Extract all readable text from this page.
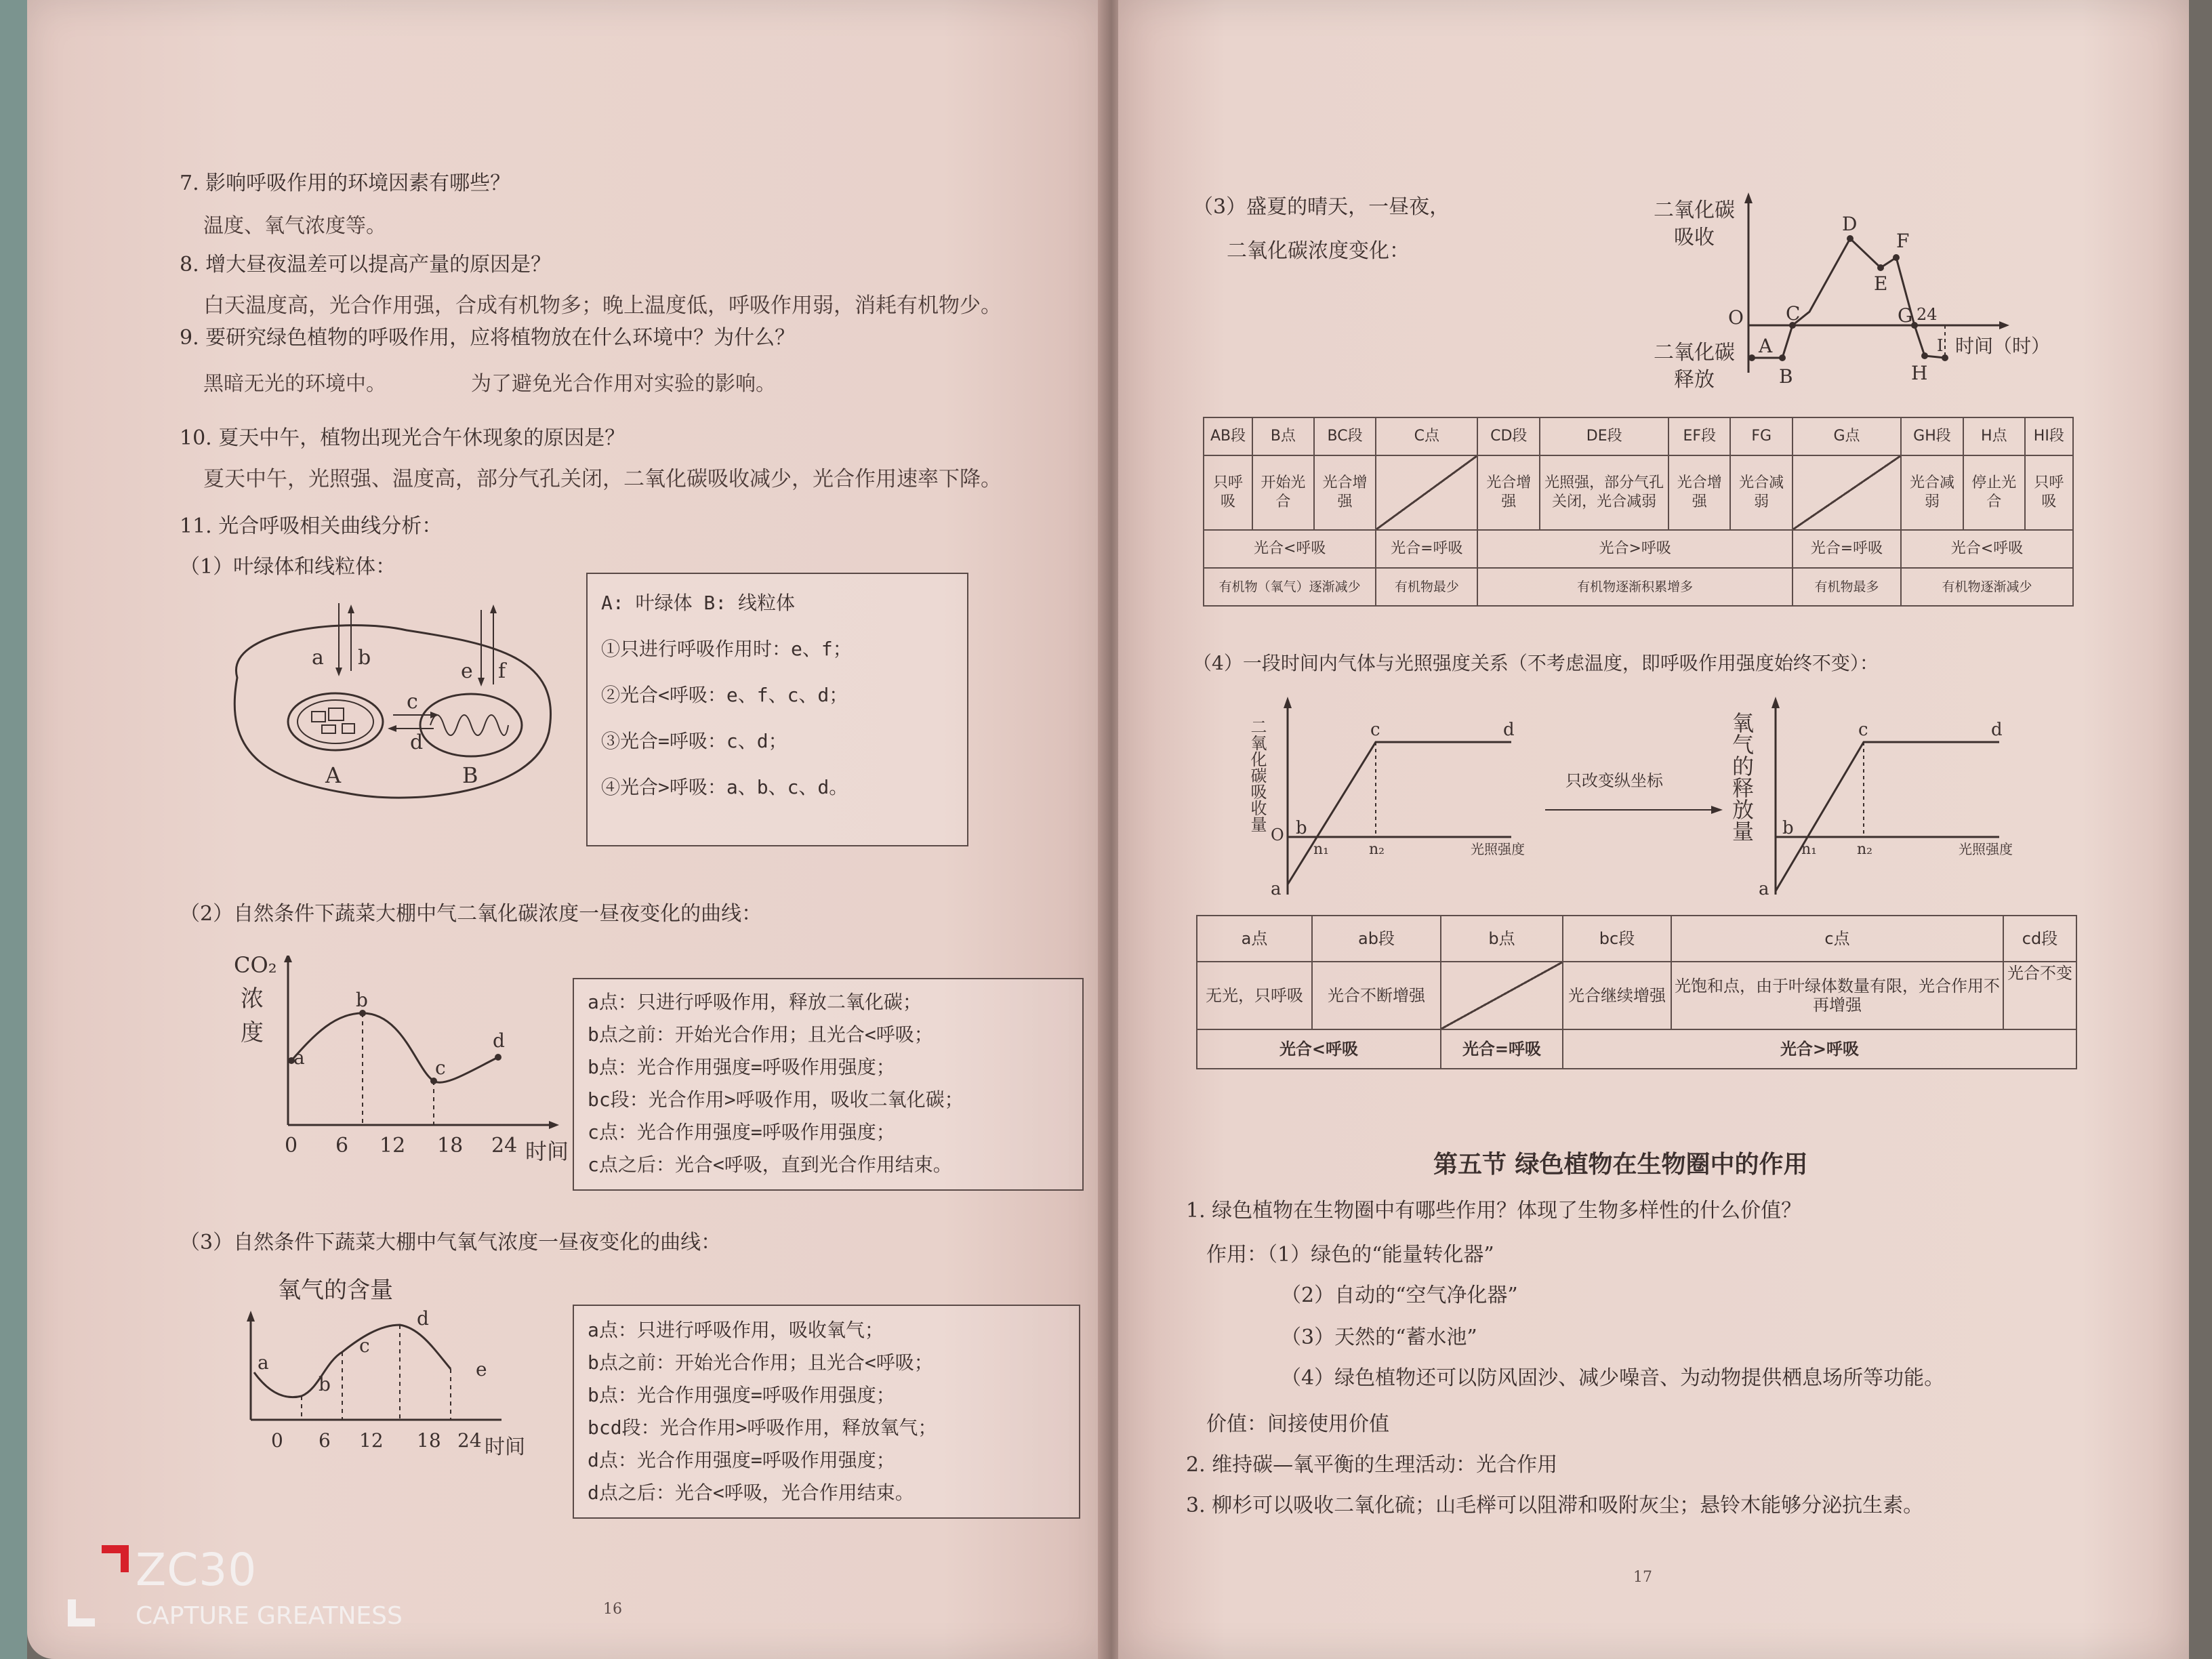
7. 影响呼吸作用的环境因素有哪些？
温度、氧气浓度等。
8. 增大昼夜温差可以提高产量的原因是？
白天温度高，光合作用强，合成有机物多；晚上温度低，呼吸作用弱，消耗有机物少。
9. 要研究绿色植物的呼吸作用，应将植物放在什么环境中？为什么？
黑暗无光的环境中。	为了避免光合作用对实验的影响。
10. 夏天中午，植物出现光合午休现象的原因是？
夏天中午，光照强、温度高，部分气孔关闭，二氧化碳吸收减少，光合作用速率下降。
11. 光合呼吸相关曲线分析：
（1）叶绿体和线粒体：
a b
c
d
e f
A	B
A: 叶绿体 B: 线粒体
①只进行呼吸作用时：e、f；
②光合<呼吸：e、f、c、d；
③光合=呼吸：c、d；
④光合>呼吸：a、b、c、d。
（2）自然条件下蔬菜大棚中气二氧化碳浓度一昼夜变化的曲线：
CO₂
浓
度
a
b
c
d
0 6 12 18 24 时间
a点：只进行呼吸作用，释放二氧化碳；
b点之前：开始光合作用；且光合<呼吸；
b点：光合作用强度=呼吸作用强度；
bc段：光合作用>呼吸作用，吸收二氧化碳；
c点：光合作用强度=呼吸作用强度；
c点之后：光合<呼吸，直到光合作用结束。
（3）自然条件下蔬菜大棚中气氧气浓度一昼夜变化的曲线：
氧气的含量
a
b
c
d
e
0 6 12 18 24 时间
a点：只进行呼吸作用，吸收氧气；
b点之前：开始光合作用；且光合<呼吸；
b点：光合作用强度=呼吸作用强度；
bcd段：光合作用>呼吸作用，释放氧气；
d点：光合作用强度=呼吸作用强度；
d点之后：光合<呼吸，光合作用结束。
16
（3）盛夏的晴天，一昼夜，
二氧化碳浓度变化：
二氧化碳
吸收
二氧化碳
释放
O
A
B
C
D
E
F
G 24
I
H
时间（时）
AB段	B点	BC段	C点	CD段	DE段	EF段	FG	G点	GH段	H点	HI段
只呼吸	开始光合	光合增强		光合增强	光照强，部分气孔关闭，光合减弱	光合增强	光合减弱		光合减弱	停止光合	只呼吸
光合<呼吸			光合=呼吸	光合>呼吸				光合=呼吸	光合<呼吸		
有机物（氧气）逐渐减少			有机物最少	有机物逐渐积累增多				有机物最多	有机物逐渐减少		
（4）一段时间内气体与光照强度关系（不考虑温度，即呼吸作用强度始终不变）：
二氧化碳吸收量
O
a
b
c	d
n₁	n₂	光照强度
只改变纵坐标	氧气的释放量
a
b
c	d
n₁	n₂	光照强度
a点	ab段	b点	bc段	c点	cd段
无光，只呼吸	光合不断增强		光合继续增强	光饱和点，由于叶绿体数量有限，光合作用不再增强	光合不变
光合<呼吸		光合=呼吸	光合>呼吸		
第五节 绿色植物在生物圈中的作用
1. 绿色植物在生物圈中有哪些作用？体现了生物多样性的什么价值？
作用：（1）绿色的“能量转化器”
（2）自动的“空气净化器”
（3）天然的“蓄水池”
（4）绿色植物还可以防风固沙、减少噪音、为动物提供栖息场所等功能。
价值：间接使用价值
2. 维持碳—氧平衡的生理活动：光合作用
3. 柳杉可以吸收二氧化硫；山毛榉可以阻滞和吸附灰尘；悬铃木能够分泌抗生素。
17
ZC30
CAPTURE GREATNESS
